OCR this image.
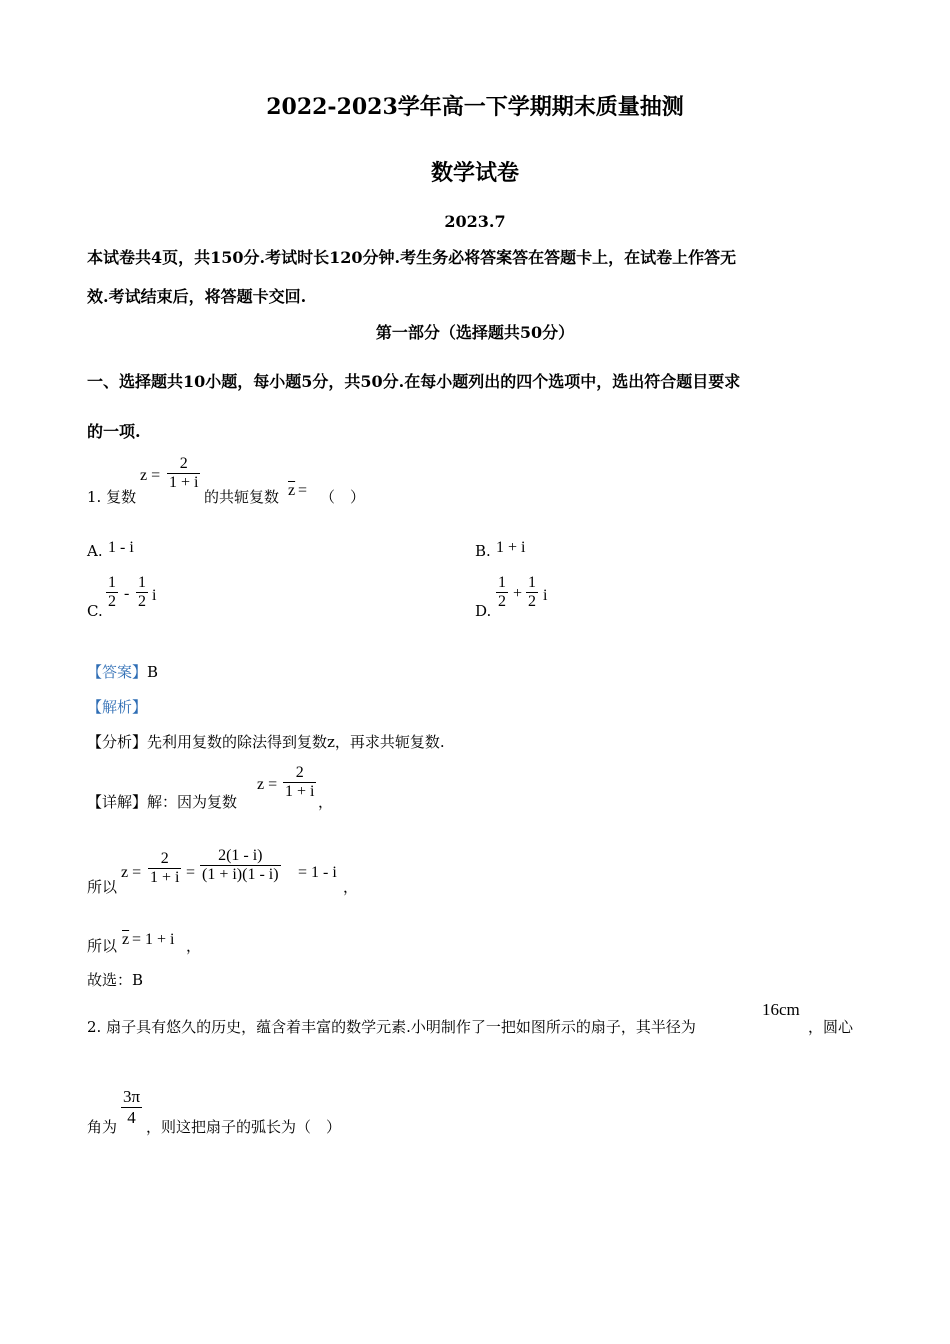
2022-2023学年高一下学期期末质量抽测
数学试卷
2023.7
本试卷共4页，共150分.考试时长120分钟.考生务必将答案答在答题卡上，在试卷上作答无
效.考试结束后，将答题卡交回.
第一部分（选择题共50分）
一、选择题共10小题，每小题5分，共50分.在每小题列出的四个选项中，选出符合题目要求
的一项.
1. 复数
$z = \frac{2}{1 + i}$
的共轭复数 $\overline{z}$ = （　）
A. 1 - i	B. 1 + i
C. $\frac{1}{2} - \frac{1}{2}$ i
D. $\frac{1}{2} + \frac{1}{2}$ i
【答案】B
【解析】
【分析】先利用复数的除法得到复数z，再求共轭复数.
【详解】解：因为复数
$z = \frac{2}{1 + i}$
，
所以
$z = \frac{2}{1 + i} = \frac{2(1 - i)}{(1 + i)(1 - i)} = 1 - i$
，
所以 $\overline{z} = 1 + i$ ，
故选：B
2. 扇子具有悠久的历史，蕴含着丰富的数学元素.小明制作了一把如图所示的扇子，其半径为
16cm
，圆心
角为 $\frac{3\pi}{4}$ ，则这把扇子的弧长为（　）
